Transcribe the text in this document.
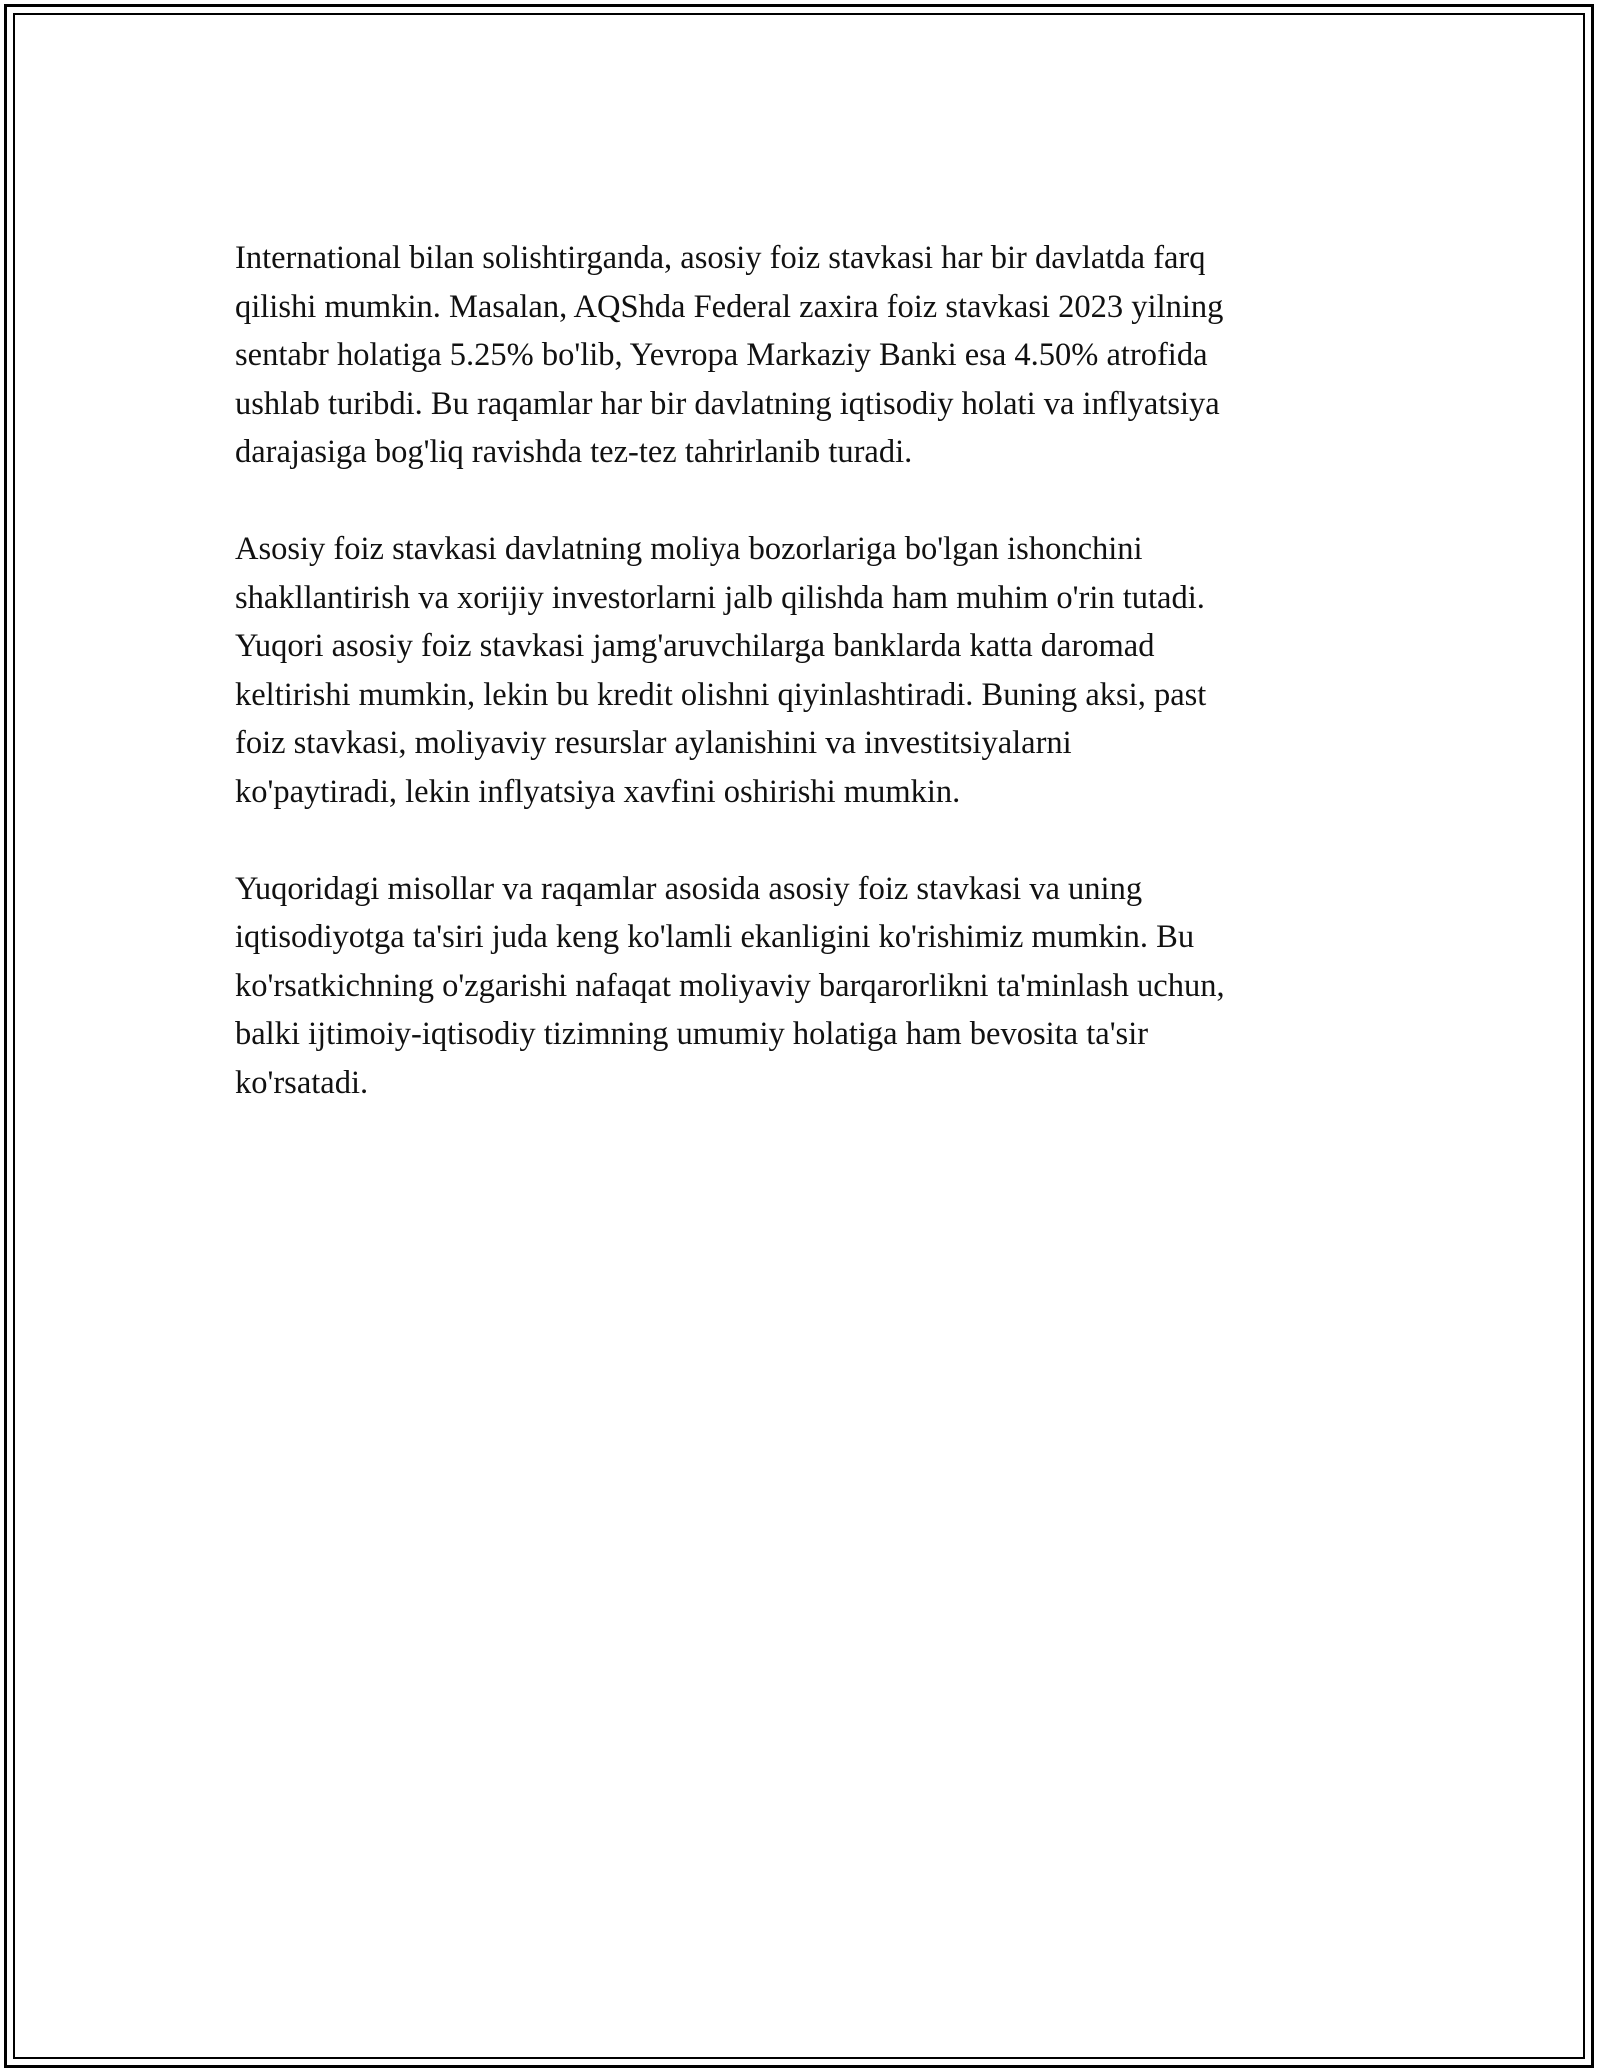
International bilan solishtirganda, asosiy foiz stavkasi har bir davlatda farq
qilishi mumkin. Masalan, AQShda Federal zaxira foiz stavkasi 2023 yilning
sentabr holatiga 5.25% bo'lib, Yevropa Markaziy Banki esa 4.50% atrofida
ushlab turibdi. Bu raqamlar har bir davlatning iqtisodiy holati va inflyatsiya
darajasiga bog'liq ravishda tez-tez tahrirlanib turadi.

Asosiy foiz stavkasi davlatning moliya bozorlariga bo'lgan ishonchini
shakllantirish va xorijiy investorlarni jalb qilishda ham muhim o'rin tutadi.
Yuqori asosiy foiz stavkasi jamg'aruvchilarga banklarda katta daromad
keltirishi mumkin, lekin bu kredit olishni qiyinlashtiradi. Buning aksi, past
foiz stavkasi, moliyaviy resurslar aylanishini va investitsiyalarni
ko'paytiradi, lekin inflyatsiya xavfini oshirishi mumkin.

Yuqoridagi misollar va raqamlar asosida asosiy foiz stavkasi va uning
iqtisodiyotga ta'siri juda keng ko'lamli ekanligini ko'rishimiz mumkin. Bu
ko'rsatkichning o'zgarishi nafaqat moliyaviy barqarorlikni ta'minlash uchun,
balki ijtimoiy-iqtisodiy tizimning umumiy holatiga ham bevosita ta'sir
ko'rsatadi.
